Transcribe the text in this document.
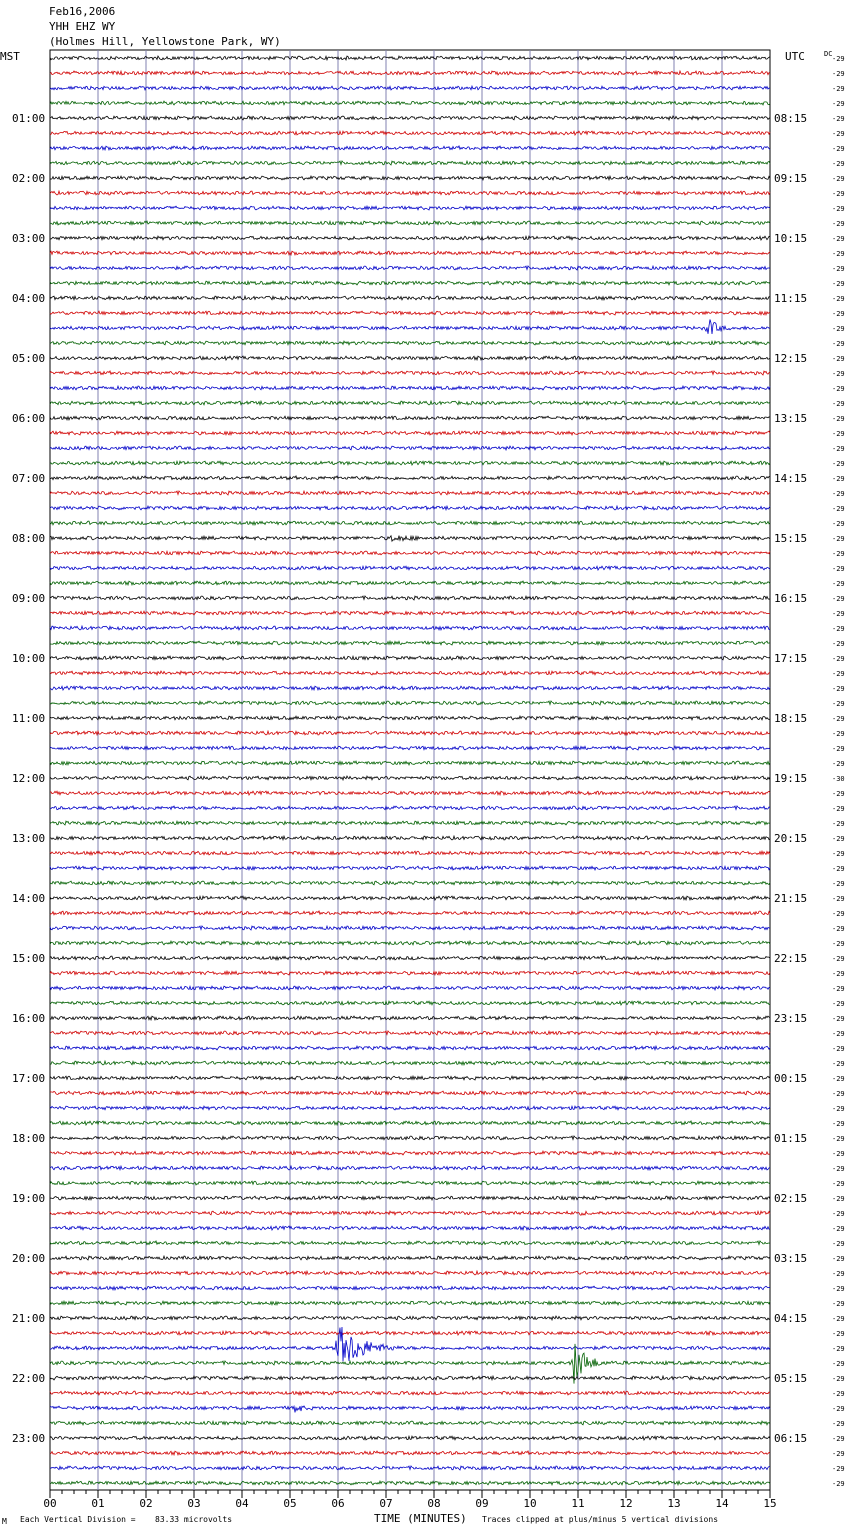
Feb16,2006
YHH EHZ WY
(Holmes Hill, Yellowstone Park, WY)
00	01	02	03	04	05	06	07	08	09	10	11	12	13	14	15
MST	UTC	DC
01:00
02:00
03:00
04:00
05:00
06:00
07:00
08:00
09:00
10:00
11:00
12:00
13:00
14:00
15:00
16:00
17:00
18:00
19:00
20:00
21:00
22:00
23:00
08:15
09:15
10:15
11:15
12:15
13:15
14:15
15:15
16:15
17:15
18:15
19:15
20:15
21:15
22:15
23:15
00:15
01:15
02:15
03:15
04:15
05:15
06:15
-29
-29
-29
-29
-29
-29
-29
-29
-29
-29
-29
-29
-29
-29
-29
-29
-29
-29
-29
-29
-29
-29
-29
-29
-29
-29
-29
-29
-29
-29
-29
-29
-29
-29
-29
-29
-29
-29
-29
-29
-29
-29
-29
-29
-29
-29
-29
-29
-30
-29
-29
-29
-29
-29
-29
-29
-29
-29
-29
-29
-29
-29
-29
-29
-29
-29
-29
-29
-29
-29
-29
-29
-29
-29
-29
-29
-29
-29
-29
-29
-29
-29
-29
-29
-29
-29
-29
-29
-29
-29
-29
-29
-29
-29
-29
-29
TIME (MINUTES)
M Each Vertical Division = 83.33 microvolts	Traces clipped at plus/minus 5 vertical divisions
